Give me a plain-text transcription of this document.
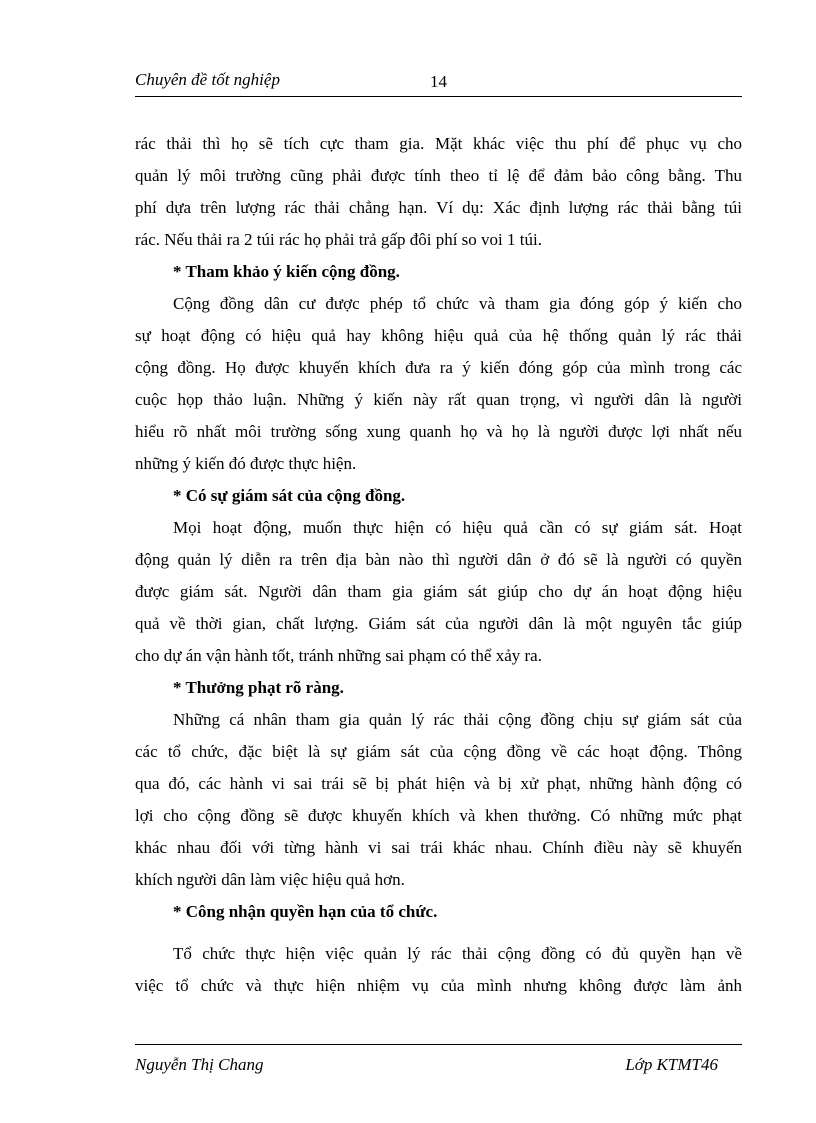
Chuyên đề tốt nghiệp	14
rác thải thì họ sẽ tích cực tham gia. Mặt khác việc thu phí để phục vụ cho
quản lý môi trường cũng phải được tính theo tỉ lệ để đảm bảo công bằng. Thu
phí dựa trên lượng rác thải chẳng hạn. Ví dụ: Xác định lượng rác thải bằng túi
rác. Nếu thải ra 2 túi rác họ phải trả gấp đôi phí so voi 1 túi.
* Tham khảo ý kiến cộng đồng.
Cộng đồng dân cư được phép tổ chức và tham gia đóng góp ý kiến cho
sự hoạt động có hiệu quả hay không hiệu quả của hệ thống quản lý rác thải
cộng đồng. Họ được khuyến khích đưa ra ý kiến đóng góp của mình trong các
cuộc họp thảo luận. Những ý kiến này rất quan trọng, vì người dân là người
hiểu rõ nhất môi trường sống xung quanh họ và họ là người được lợi nhất nếu
những ý kiến đó được thực hiện.
* Có sự giám sát của cộng đồng.
Mọi hoạt động, muốn thực hiện có hiệu quả cần có sự giám sát. Hoạt
động quản lý diễn ra trên địa bàn nào thì người dân ở đó sẽ là người có quyền
được giám sát. Người dân tham gia giám sát giúp cho dự án hoạt động hiệu
quả về thời gian, chất lượng. Giám sát của người dân là một nguyên tắc giúp
cho dự án vận hành tốt, tránh những sai phạm có thể xảy ra.
* Thưởng phạt rõ ràng.
Những cá nhân tham gia quản lý rác thải cộng đồng chịu sự giám sát của
các tổ chức, đặc biệt là sự giám sát của cộng đồng về các hoạt động. Thông
qua đó, các hành vi sai trái sẽ bị phát hiện và bị xử phạt, những hành động có
lợi cho cộng đồng sẽ được khuyến khích và khen thưởng. Có những mức phạt
khác nhau đối với từng hành vi sai trái khác nhau. Chính điều này sẽ khuyến
khích người dân làm việc hiệu quả hơn.
* Công nhận quyền hạn của tổ chức.
Tổ chức thực hiện việc quản lý rác thải cộng đồng có đủ quyền hạn về
việc tổ chức và thực hiện nhiệm vụ của mình nhưng không được làm ảnh
Nguyễn Thị Chang	Lớp KTMT46
